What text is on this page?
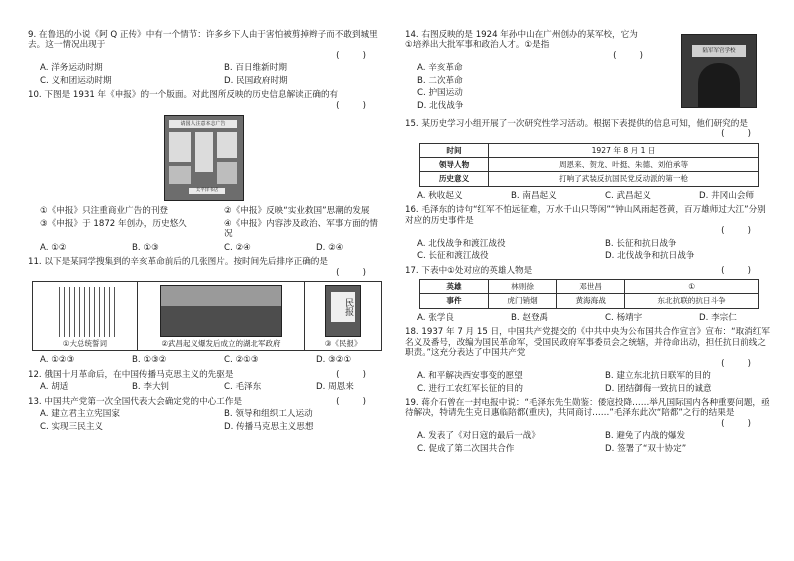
9. 在鲁迅的小说《阿 Q 正传》中有一个情节：许多乡下人由于害怕被剪掉辫子而不敢到城里去。这一情况出现于
(　　)
A. 洋务运动时期	B. 百日维新时期
C. 义和团运动时期	D. 民国政府时期
10. 下图是 1931 年《申报》的一个版面。对此图所反映的历史信息解读正确的有
(　　)
请国人注意本志广告
太平洋书店
①《申报》只注重商业广告的刊登	②《申报》反映“实业救国”思潮的发展
③《申报》于 1872 年创办，历史悠久	④《申报》内容涉及政治、军事方面的情况
A. ①②	B. ①③	C. ②④	D. ②④
11. 以下是某同学搜集到的辛亥革命前后的几张图片。按时间先后排序正确的是
(　　)
①大总统誓词	②武昌起义爆发后成立的湖北军政府	
民报
③《民报》
A. ①②③	B. ①③②	C. ②①③	D. ③②①
(　　)
12. 俄国十月革命后，在中国传播马克思主义的先驱是
A. 胡适	B. 李大钊	C. 毛泽东	D. 周恩来
(　　)
13. 中国共产党第一次全国代表大会确定党的中心工作是
A. 建立君主立宪国家	B. 领导和组织工人运动
C. 实现三民主义	D. 传播马克思主义思想
14. 右图反映的是 1924 年孙中山在广州创办的某军校，它为①培养出大批军事和政治人才。①是指
(　　)
A. 辛亥革命
B. 二次革命
C. 护国运动
D. 北伐战争
陆军军官学校
15. 某历史学习小组开展了一次研究性学习活动。根据下表提供的信息可知，他们研究的是
(　　)
时间	1927 年 8 月 1 日
领导人物	周恩来、贺龙、叶挺、朱德、刘伯承等
历史意义	打响了武装反抗国民党反动派的第一枪
A. 秋收起义	B. 南昌起义	C. 武昌起义	D. 井冈山会师
16. 毛泽东的诗句“红军不怕远征难，万水千山只等闲”“钟山风雨起苍黄，百万雄师过大江”分别对应的历史事件是
(　　)
A. 北伐战争和渡江战役	B. 长征和抗日战争
C. 长征和渡江战役	D. 北伐战争和抗日战争
(　　)
17. 下表中①处对应的英雄人物是
英雄	林则徐	邓世昌	①
事件	虎门销烟	黄海海战	东北抗联的抗日斗争
A. 张学良	B. 赵登禹	C. 杨靖宇	D. 李宗仁
18. 1937 年 7 月 15 日，中国共产党提交的《中共中央为公布国共合作宣言》宣布：“取消红军名义及番号，改编为国民革命军，受国民政府军事委员会之统辖，并待命出动，担任抗日前线之职责。”这充分表达了中国共产党
(　　)
A. 和平解决西安事变的愿望	B. 建立东北抗日联军的目的
C. 进行工农红军长征的目的	D. 团结御侮一致抗日的诚意
19. 蒋介石曾在一封电报中说：“毛泽东先生勋鉴：倭寇投降……举凡国际国内各种重要问题，亟待解决，特请先生克日惠临陪都(重庆)，共同商讨……”毛泽东此次“陪都”之行的结果是
(　　)
A. 发表了《对日寇的最后一战》	B. 避免了内战的爆发
C. 促成了第二次国共合作	D. 签署了“双十协定”
